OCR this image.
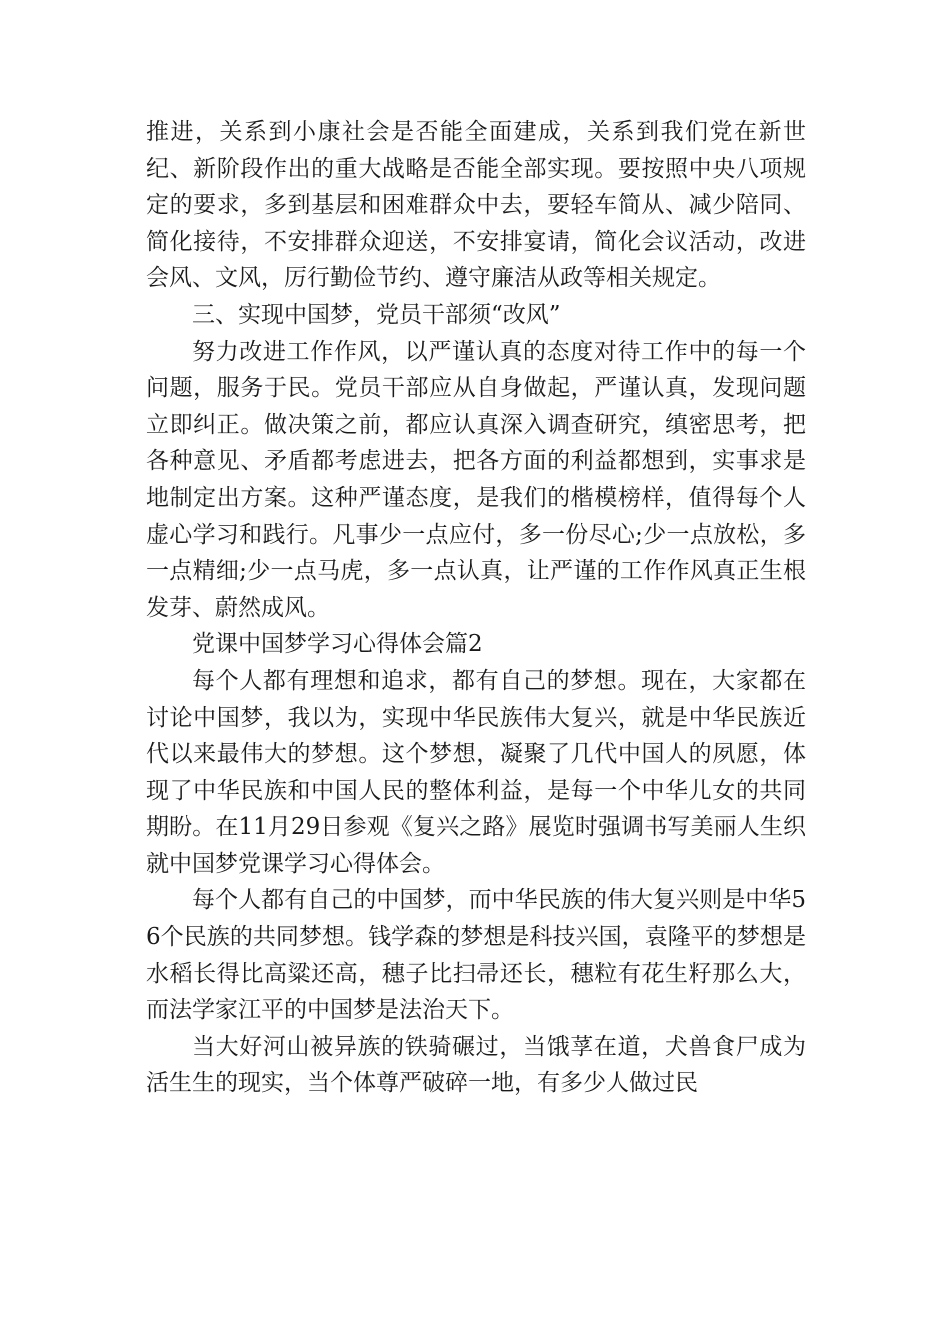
推进，关系到小康社会是否能全面建成，关系到我们党在新世纪、新阶段作出的重大战略是否能全部实现。要按照中央八项规定的要求，多到基层和困难群众中去，要轻车简从、减少陪同、简化接待，不安排群众迎送，不安排宴请，简化会议活动，改进会风、文风，厉行勤俭节约、遵守廉洁从政等相关规定。

三、实现中国梦，党员干部须“改风”

努力改进工作作风，以严谨认真的态度对待工作中的每一个问题，服务于民。党员干部应从自身做起，严谨认真，发现问题立即纠正。做决策之前，都应认真深入调查研究，缜密思考，把各种意见、矛盾都考虑进去，把各方面的利益都想到，实事求是地制定出方案。这种严谨态度，是我们的楷模榜样，值得每个人虚心学习和践行。凡事少一点应付，多一份尽心;少一点放松，多一点精细;少一点马虎，多一点认真，让严谨的工作作风真正生根发芽、蔚然成风。

党课中国梦学习心得体会篇2

每个人都有理想和追求，都有自己的梦想。现在，大家都在讨论中国梦，我以为，实现中华民族伟大复兴，就是中华民族近代以来最伟大的梦想。这个梦想，凝聚了几代中国人的夙愿，体现了中华民族和中国人民的整体利益，是每一个中华儿女的共同期盼。在11月29日参观《复兴之路》展览时强调书写美丽人生织就中国梦党课学习心得体会。

每个人都有自己的中国梦，而中华民族的伟大复兴则是中华56个民族的共同梦想。钱学森的梦想是科技兴国，袁隆平的梦想是水稻长得比高粱还高，穗子比扫帚还长，穗粒有花生籽那么大，而法学家江平的中国梦是法治天下。

当大好河山被异族的铁骑碾过，当饿莩在道，犬兽食尸成为活生生的现实，当个体尊严破碎一地，有多少人做过民
